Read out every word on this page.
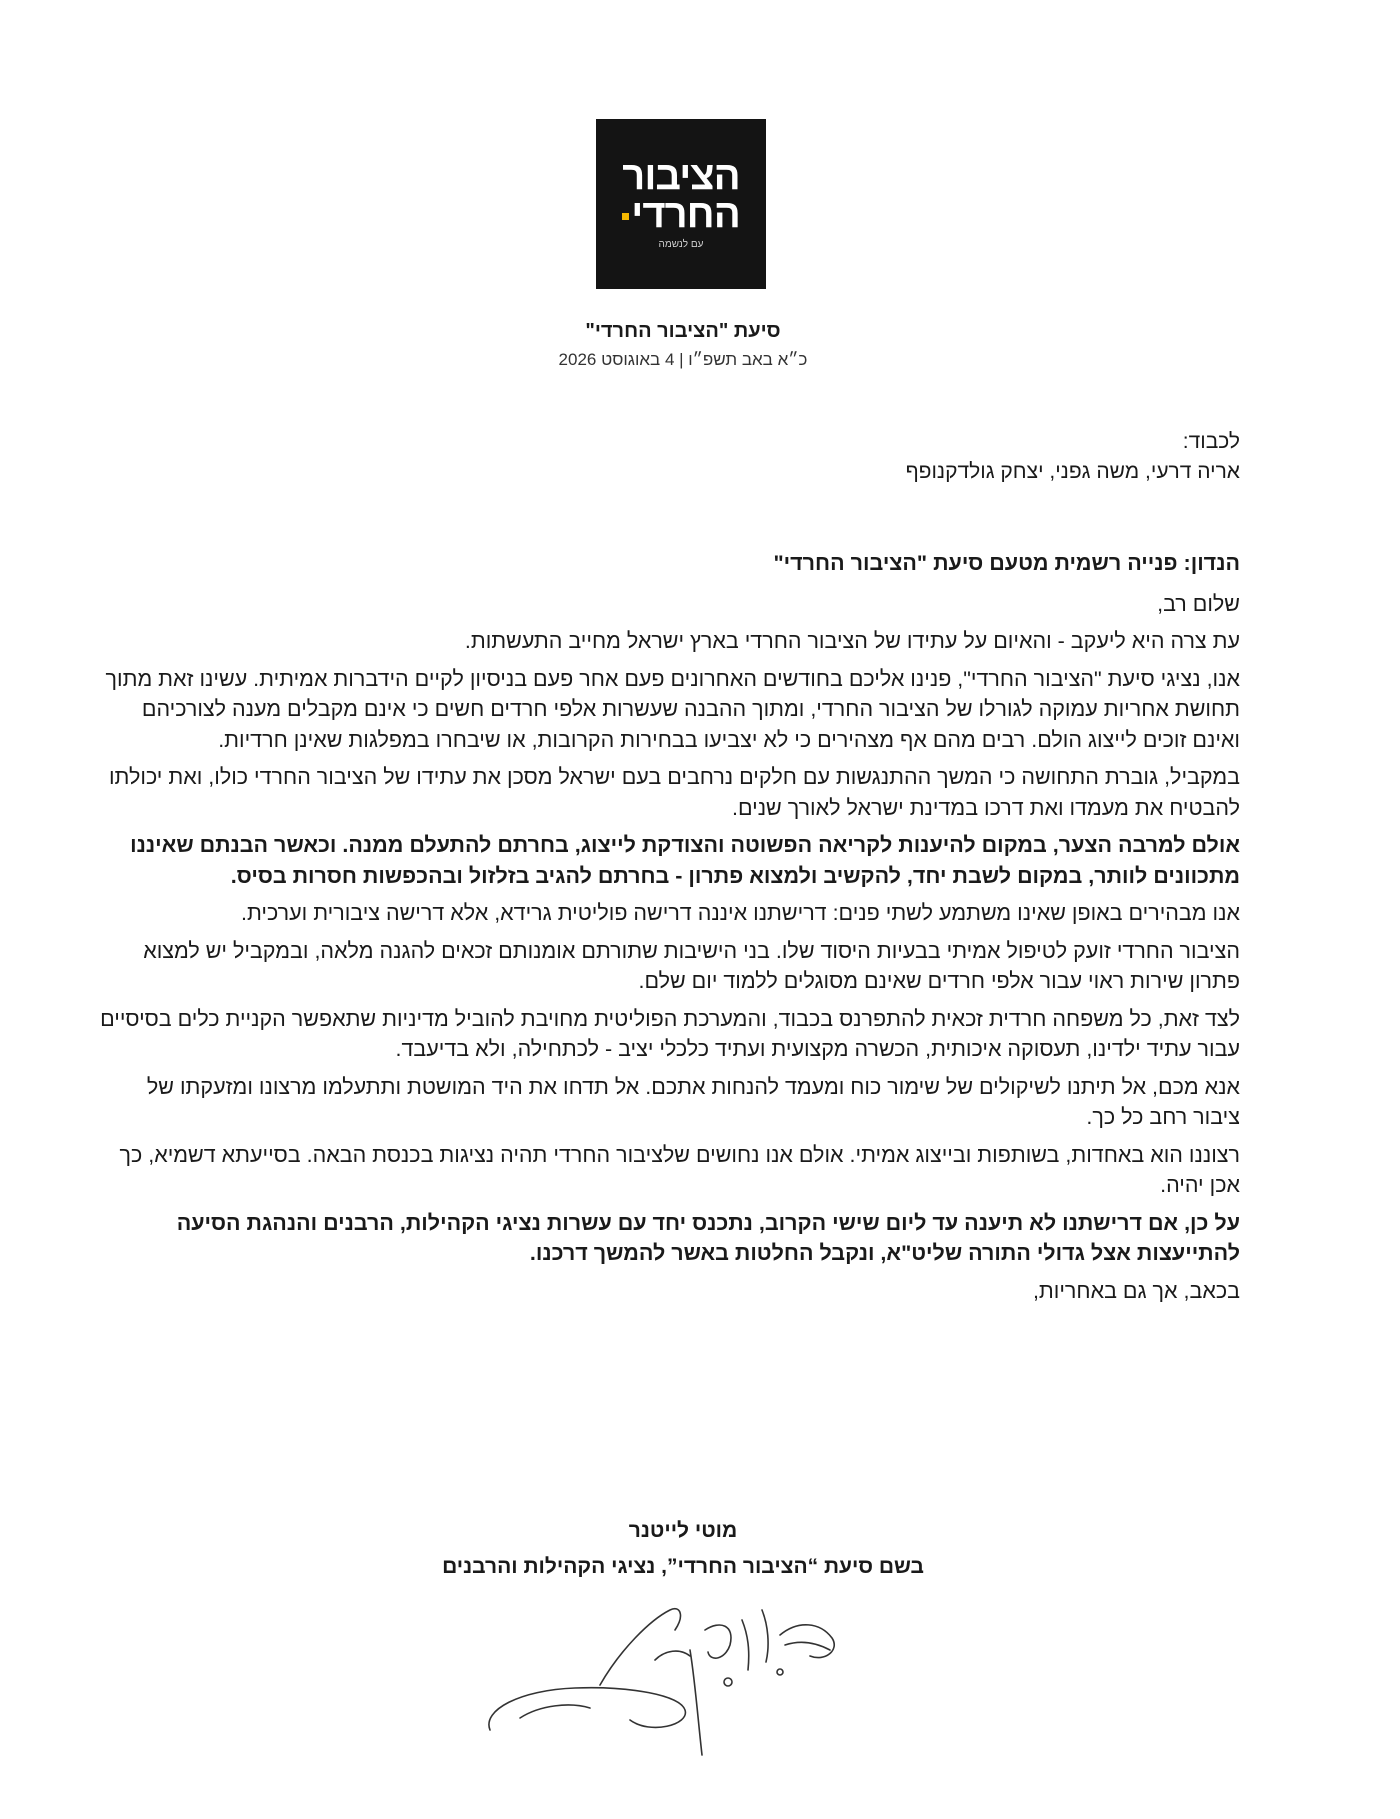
הציבור
החרדי
עם לנשמה
סיעת "הציבור החרדי"
כ״א באב תשפ״ו | 4 באוגוסט 2026
לכבוד:
אריה דרעי, משה גפני, יצחק גולדקנופף

הנדון: פנייה רשמית מטעם סיעת "הציבור החרדי"

שלום רב,

עת צרה היא ליעקב - והאיום על עתידו של הציבור החרדי בארץ ישראל מחייב התעשתות.

אנו, נציגי סיעת "הציבור החרדי", פנינו אליכם בחודשים האחרונים פעם אחר פעם בניסיון לקיים הידברות אמיתית. עשינו זאת מתוך תחושת אחריות עמוקה לגורלו של הציבור החרדי, ומתוך ההבנה שעשרות אלפי חרדים חשים כי אינם מקבלים מענה לצורכיהם ואינם זוכים לייצוג הולם. רבים מהם אף מצהירים כי לא יצביעו בבחירות הקרובות, או שיבחרו במפלגות שאינן חרדיות.

במקביל, גוברת התחושה כי המשך ההתנגשות עם חלקים נרחבים בעם ישראל מסכן את עתידו של הציבור החרדי כולו, ואת יכולתו להבטיח את מעמדו ואת דרכו במדינת ישראל לאורך שנים.

אולם למרבה הצער, במקום להיענות לקריאה הפשוטה והצודקת לייצוג, בחרתם להתעלם ממנה. וכאשר הבנתם שאיננו מתכוונים לוותר, במקום לשבת יחד, להקשיב ולמצוא פתרון - בחרתם להגיב בזלזול ובהכפשות חסרות בסיס.

אנו מבהירים באופן שאינו משתמע לשתי פנים: דרישתנו איננה דרישה פוליטית גרידא, אלא דרישה ציבורית וערכית.

הציבור החרדי זועק לטיפול אמיתי בבעיות היסוד שלו. בני הישיבות שתורתם אומנותם זכאים להגנה מלאה, ובמקביל יש למצוא פתרון שירות ראוי עבור אלפי חרדים שאינם מסוגלים ללמוד יום שלם.

לצד זאת, כל משפחה חרדית זכאית להתפרנס בכבוד, והמערכת הפוליטית מחויבת להוביל מדיניות שתאפשר הקניית כלים בסיסיים עבור עתיד ילדינו, תעסוקה איכותית, הכשרה מקצועית ועתיד כלכלי יציב - לכתחילה, ולא בדיעבד.

אנא מכם, אל תיתנו לשיקולים של שימור כוח ומעמד להנחות אתכם. אל תדחו את היד המושטת ותתעלמו מרצונו ומזעקתו של ציבור רחב כל כך.

רצוננו הוא באחדות, בשותפות ובייצוג אמיתי. אולם אנו נחושים שלציבור החרדי תהיה נציגות בכנסת הבאה. בסייעתא דשמיא, כך אכן יהיה.

על כן, אם דרישתנו לא תיענה עד ליום שישי הקרוב, נתכנס יחד עם עשרות נציגי הקהילות, הרבנים והנהגת הסיעה להתייעצות אצל גדולי התורה שליט"א, ונקבל החלטות באשר להמשך דרכנו.

בכאב, אך גם באחריות,

מוטי לייטנר
בשם סיעת “הציבור החרדי”, נציגי הקהילות והרבנים
